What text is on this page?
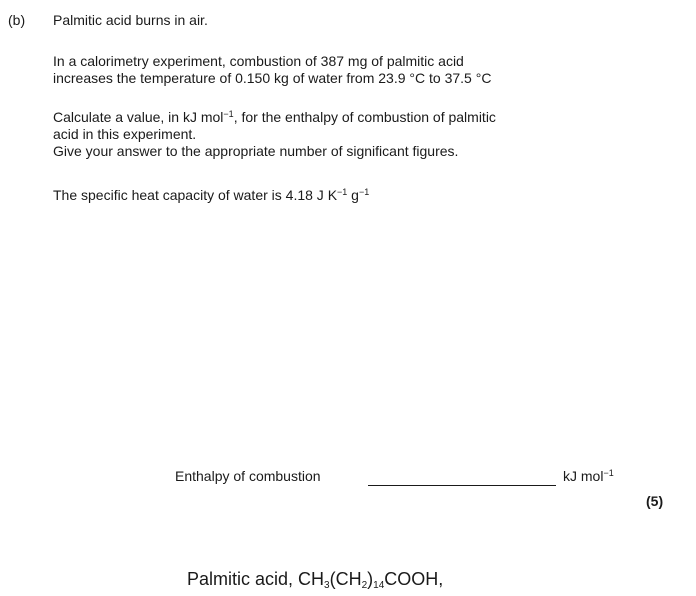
(b) Palmitic acid burns in air.
In a calorimetry experiment, combustion of 387 mg of palmitic acid
increases the temperature of 0.150 kg of water from 23.9 °C to 37.5 °C
Calculate a value, in kJ mol$^{-1}$, for the enthalpy of combustion of palmitic
acid in this experiment.
Give your answer to the appropriate number of significant figures.
The specific heat capacity of water is 4.18 J $K^{-1}$ $g^{-1}$
Enthalpy of combustion	kJ mol$^{-1}$
(5)
Palmitic acid, $CH_3(CH_2)_{14}COOH$,
